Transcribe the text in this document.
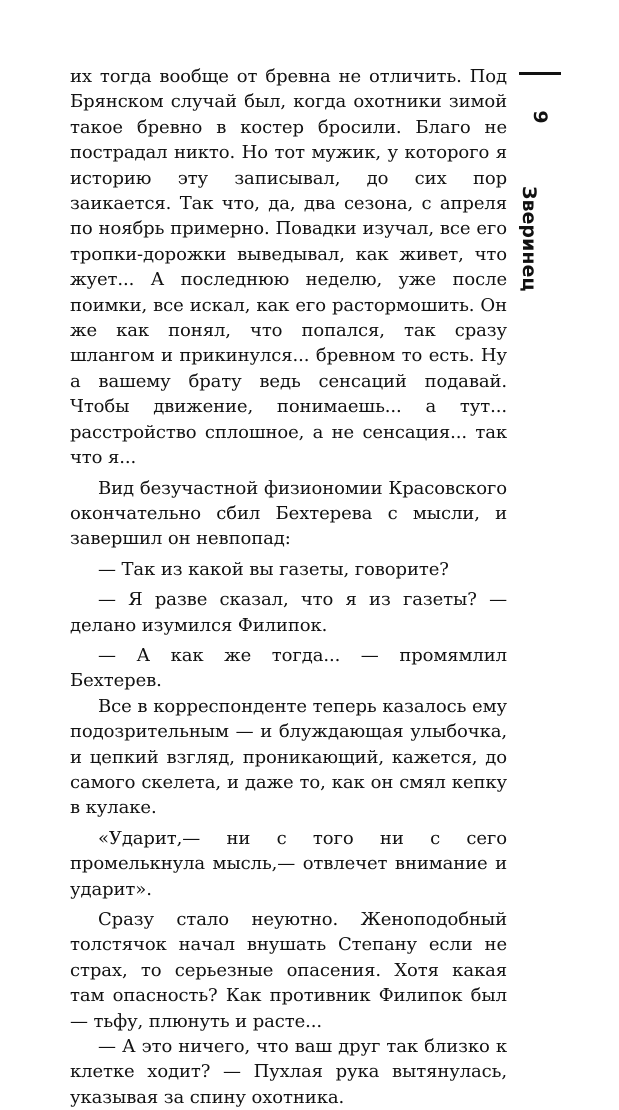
их тогда вообще от бревна не отличить. Под Брянском случай был, когда охотники зимой такое бревно в костер бросили. Благо не пострадал никто. Но тот мужик, у которого я историю эту записывал, до сих пор заикается. Так что, да, два сезона, с апреля по ноябрь примерно. Повадки изучал, все его тропки-дорожки выведывал, как живет, что жует... А последнюю неделю, уже после поимки, все искал, как его растормошить. Он же как понял, что попался, так сразу шлангом и прикинулся... бревном то есть. Ну а вашему брату ведь сенсаций подавай. Чтобы движение, понимаешь... а тут... расстройство сплошное, а не сенсация... так что я...

Вид безучастной физиономии Красовского окончательно сбил Бехтерева с мысли, и завершил он невпопад:

— Так из какой вы газеты, говорите?

— Я разве сказал, что я из газеты? — делано изумился Филипок.

— А как же тогда... — промямлил Бехтерев.

Все в корреспонденте теперь казалось ему подозрительным — и блуждающая улыбочка, и цепкий взгляд, проникающий, кажется, до самого скелета, и даже то, как он смял кепку в кулаке.

«Ударит,— ни с того ни с сего промелькнула мысль,— отвлечет внимание и ударит».

Сразу стало неуютно. Женоподобный толстячок начал внушать Степану если не страх, то серьезные опасения. Хотя какая там опасность? Как противник Филипок был — тьфу, плюнуть и расте...

— А это ничего, что ваш друг так близко к клетке ходит? — Пухлая рука вытянулась, указывая за спину охотника.

9
Зверинец
